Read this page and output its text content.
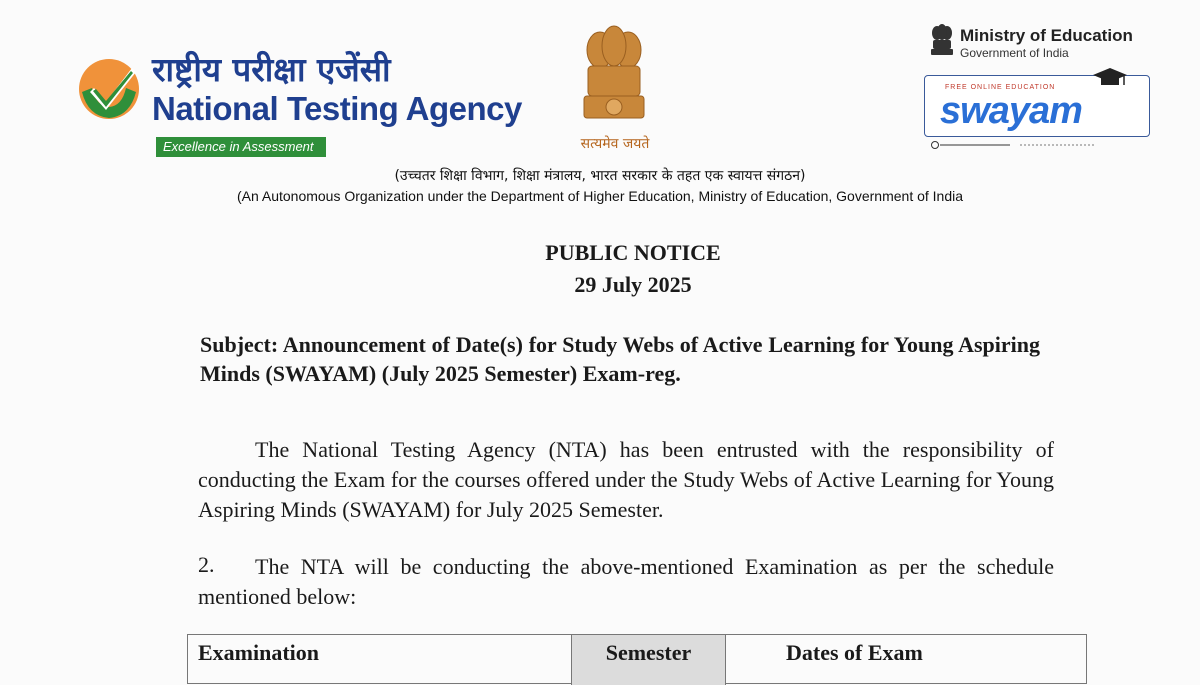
राष्ट्रीय परीक्षा एजेंसी
National Testing Agency
Excellence in Assessment	सत्यमेव जयते
Ministry of Education
Government of India
FREE ONLINE EDUCATION
swayam
(उच्चतर शिक्षा विभाग, शिक्षा मंत्रालय, भारत सरकार के तहत एक स्वायत्त संगठन)
(An Autonomous Organization under the Department of Higher Education, Ministry of Education, Government of India
PUBLIC NOTICE
29 July 2025
Subject: Announcement of Date(s) for Study Webs of Active Learning for Young Aspiring Minds (SWAYAM) (July 2025 Semester) Exam-reg.
The National Testing Agency (NTA) has been entrusted with the responsibility of conducting the Exam for the courses offered under the Study Webs of Active Learning for Young Aspiring Minds (SWAYAM) for July 2025 Semester.
2.	The NTA will be conducting the above-mentioned Examination as per the schedule mentioned below:
Examination	Semester	Dates of Exam
